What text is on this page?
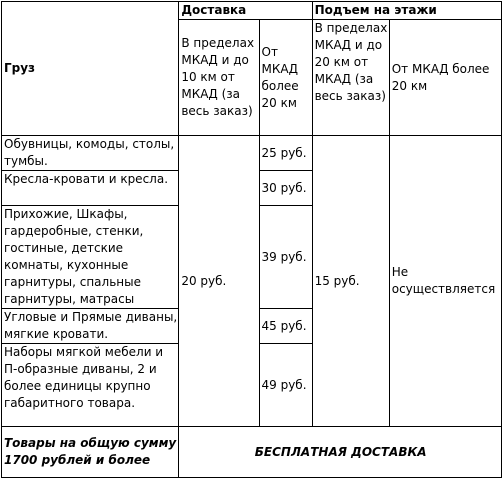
Груз	Доставка		Подъем на этажи	
	В пределах МКАД и до 10 км от МКАД (за весь заказ)	От МКАД более 20 км	В пределах МКАД и до 20 км от МКАД (за весь заказ)	От МКАД более 20 км
Обувницы, комоды, столы, тумбы.	20 руб.	25 руб.	15 руб.	Не осуществляется
Кресла-кровати и кресла.		30 руб.		
Прихожие, Шкафы, гардеробные, стенки, гостиные, детские комнаты, кухонные гарнитуры, спальные гарнитуры, матрасы		39 руб.		
Угловые и Прямые диваны, мягкие кровати.		45 руб.		
Наборы мягкой мебели и П-образные диваны, 2 и более единицы крупно габаритного товара.		49 руб.		
Товары на общую сумму 1700 рублей и более	БЕСПЛАТНАЯ ДОСТАВКА			
